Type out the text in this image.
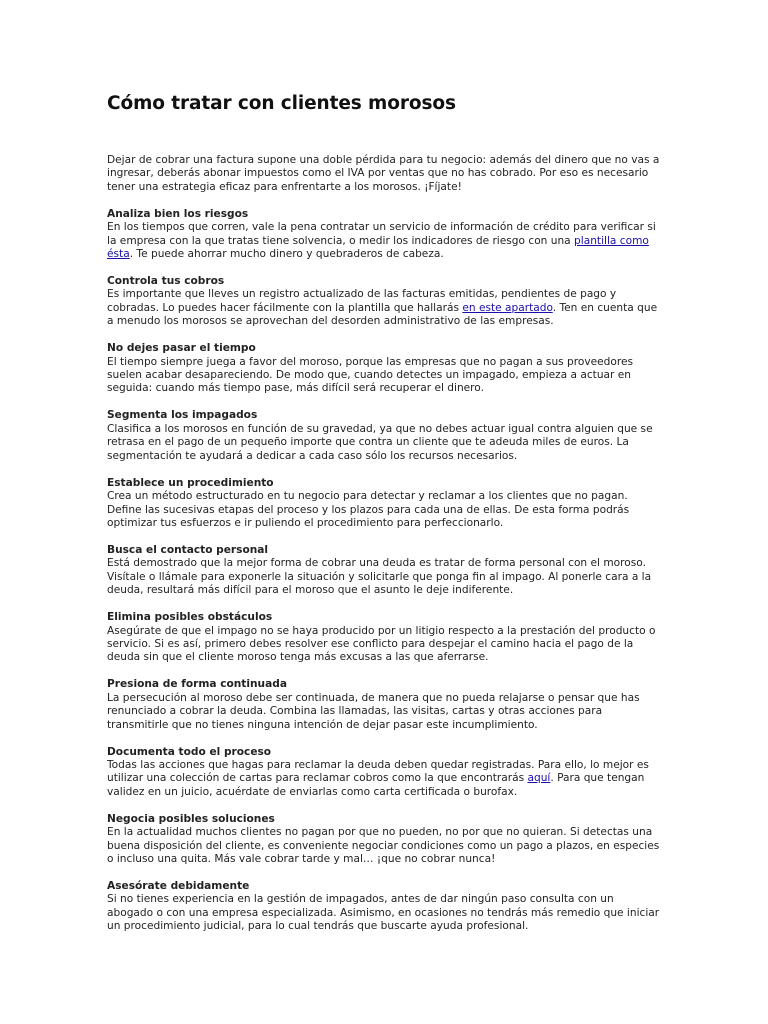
Cómo tratar con clientes morosos

Dejar de cobrar una factura supone una doble pérdida para tu negocio: además del dinero que no vas a ingresar, deberás abonar impuestos como el IVA por ventas que no has cobrado. Por eso es necesario tener una estrategia eficaz para enfrentarte a los morosos. ¡Fíjate!

Analiza bien los riesgos

En los tiempos que corren, vale la pena contratar un servicio de información de crédito para verificar si la empresa con la que tratas tiene solvencia, o medir los indicadores de riesgo con una plantilla como ésta. Te puede ahorrar mucho dinero y quebraderos de cabeza.

Controla tus cobros

Es importante que lleves un registro actualizado de las facturas emitidas, pendientes de pago y cobradas. Lo puedes hacer fácilmente con la plantilla que hallarás en este apartado. Ten en cuenta que a menudo los morosos se aprovechan del desorden administrativo de las empresas.

No dejes pasar el tiempo

El tiempo siempre juega a favor del moroso, porque las empresas que no pagan a sus proveedores suelen acabar desapareciendo. De modo que, cuando detectes un impagado, empieza a actuar en seguida: cuando más tiempo pase, más difícil será recuperar el dinero.

Segmenta los impagados

Clasifica a los morosos en función de su gravedad, ya que no debes actuar igual contra alguien que se retrasa en el pago de un pequeño importe que contra un cliente que te adeuda miles de euros. La segmentación te ayudará a dedicar a cada caso sólo los recursos necesarios.

Establece un procedimiento

Crea un método estructurado en tu negocio para detectar y reclamar a los clientes que no pagan. Define las sucesivas etapas del proceso y los plazos para cada una de ellas. De esta forma podrás optimizar tus esfuerzos e ir puliendo el procedimiento para perfeccionarlo.

Busca el contacto personal

Está demostrado que la mejor forma de cobrar una deuda es tratar de forma personal con el moroso. Visítale o llámale para exponerle la situación y solicitarle que ponga fin al impago. Al ponerle cara a la deuda, resultará más difícil para el moroso que el asunto le deje indiferente.

Elimina posibles obstáculos

Asegúrate de que el impago no se haya producido por un litigio respecto a la prestación del producto o servicio. Si es así, primero debes resolver ese conflicto para despejar el camino hacia el pago de la deuda sin que el cliente moroso tenga más excusas a las que aferrarse.

Presiona de forma continuada

La persecución al moroso debe ser continuada, de manera que no pueda relajarse o pensar que has renunciado a cobrar la deuda. Combina las llamadas, las visitas, cartas y otras acciones para transmitirle que no tienes ninguna intención de dejar pasar este incumplimiento.

Documenta todo el proceso

Todas las acciones que hagas para reclamar la deuda deben quedar registradas. Para ello, lo mejor es utilizar una colección de cartas para reclamar cobros como la que encontrarás aquí. Para que tengan validez en un juicio, acuérdate de enviarlas como carta certificada o burofax.

Negocia posibles soluciones

En la actualidad muchos clientes no pagan por que no pueden, no por que no quieran. Si detectas una buena disposición del cliente, es conveniente negociar condiciones como un pago a plazos, en especies o incluso una quita. Más vale cobrar tarde y mal… ¡que no cobrar nunca!

Asesórate debidamente

Si no tienes experiencia en la gestión de impagados, antes de dar ningún paso consulta con un abogado o con una empresa especializada. Asimismo, en ocasiones no tendrás más remedio que iniciar un procedimiento judicial, para lo cual tendrás que buscarte ayuda profesional.
